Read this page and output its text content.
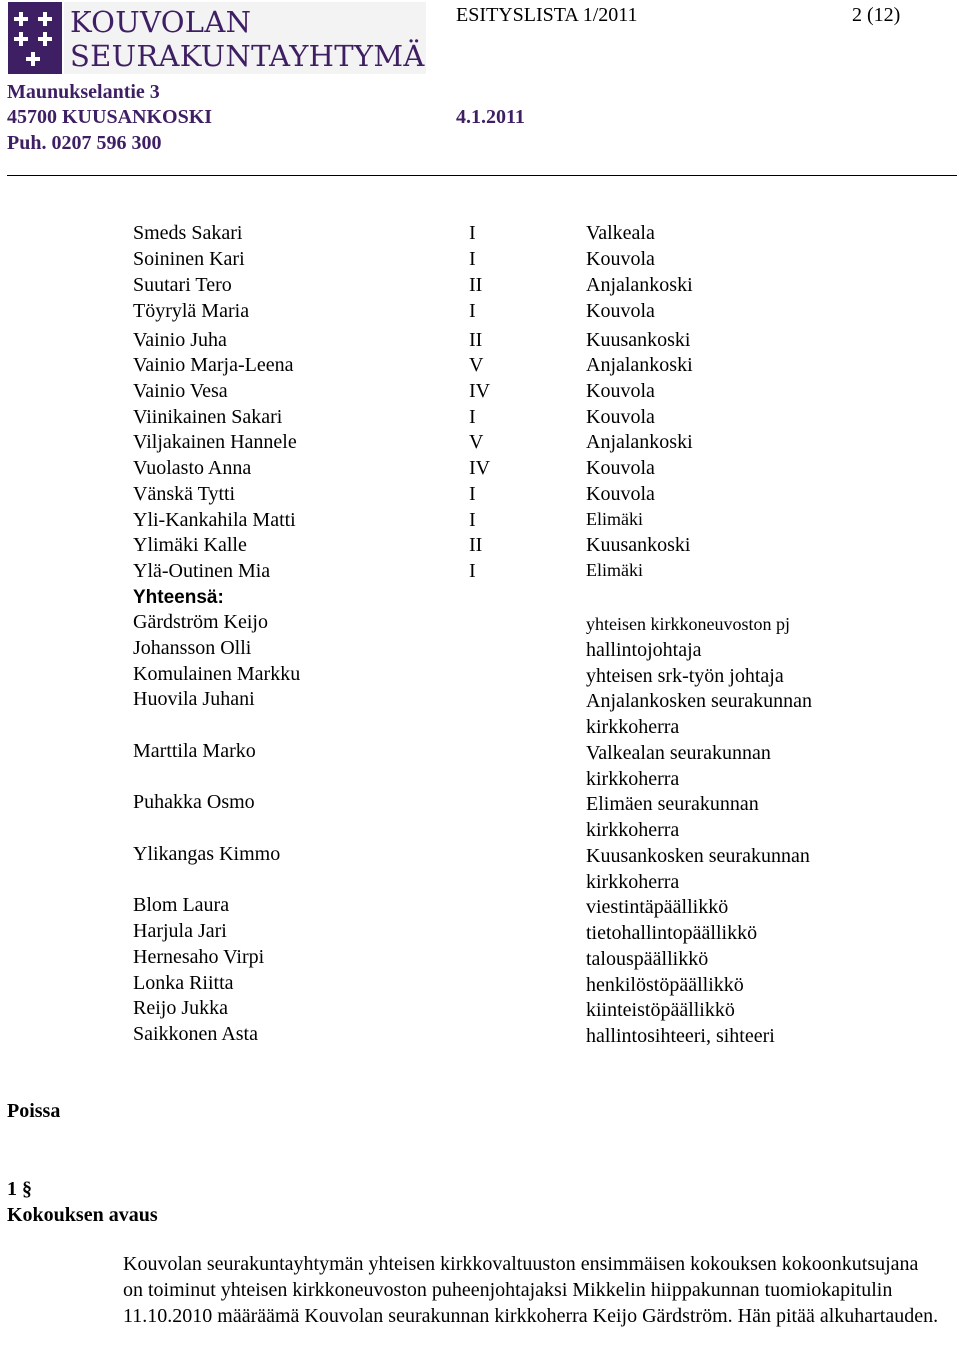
KOUVOLAN
SEURAKUNTAYHTYMÄ
ESITYSLISTA 1/2011	2 (12)
Maunukselantie 3
45700 KUUSANKOSKI	4.1.2011
Puh. 0207 596 300
Smeds Sakari	I	Valkeala
Soininen Kari	I	Kouvola
Suutari Tero	II	Anjalankoski
Töyrylä Maria	I	Kouvola
Vainio Juha	II	Kuusankoski
Vainio Marja-Leena	V	Anjalankoski
Vainio Vesa	IV	Kouvola
Viinikainen Sakari	I	Kouvola
Viljakainen Hannele	V	Anjalankoski
Vuolasto Anna	IV	Kouvola
Vänskä Tytti	I	Kouvola
Yli-Kankahila Matti	I	Elimäki
Ylimäki Kalle	II	Kuusankoski
Ylä-Outinen Mia	I	Elimäki
Yhteensä:
Gärdström Keijo	yhteisen kirkkoneuvoston pj
Johansson Olli	hallintojohtaja
Komulainen Markku	yhteisen srk-työn johtaja
Huovila Juhani	Anjalankosken seurakunnan kirkkoherra
Marttila Marko	Valkealan seurakunnan kirkkoherra
Puhakka Osmo	Elimäen seurakunnan kirkkoherra
Ylikangas Kimmo	Kuusankosken seurakunnan kirkkoherra
Blom Laura	viestintäpäällikkö
Harjula Jari	tietohallintopäällikkö
Hernesaho Virpi	talouspäällikkö
Lonka Riitta	henkilöstöpäällikkö
Reijo Jukka	kiinteistöpäällikkö
Saikkonen Asta	hallintosihteeri, sihteeri
Poissa
1 §
Kokouksen avaus
Kouvolan seurakuntayhtymän yhteisen kirkkovaltuuston ensimmäisen kokouksen kokoonkutsujana on toiminut yhteisen kirkkoneuvoston puheenjohtajaksi Mikkelin hiippakunnan tuomiokapitulin 11.10.2010 määräämä Kouvolan seurakunnan kirkkoherra Keijo Gärdström. Hän pitää alkuhartauden.
